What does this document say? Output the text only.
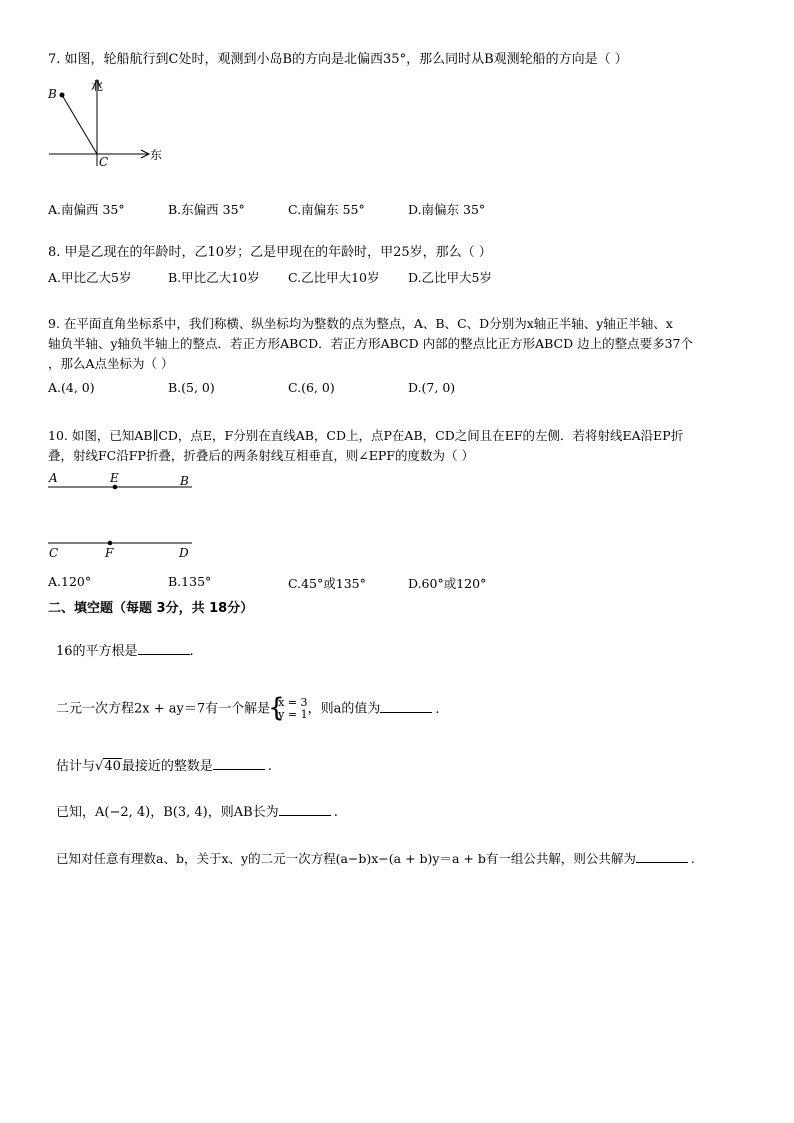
7. 如图，轮船航行到C处时，观测到小岛B的方向是北偏西35°，那么同时从B观测轮船的方向是（ ）
北
B
C	东
A.南偏西 35°	B.东偏西 35°	C.南偏东 55°	D.南偏东 35°
8. 甲是乙现在的年龄时，乙10岁；乙是甲现在的年龄时，甲25岁，那么（ ）
A.甲比乙大5岁	B.甲比乙大10岁 C.乙比甲大10岁 D.乙比甲大5岁
9. 在平面直角坐标系中，我们称横、纵坐标均为整数的点为整点，A、B、C、D分别为x轴正半轴、y轴正半轴、x
轴负半轴、y轴负半轴上的整点．若正方形ABCD．若正方形ABCD 内部的整点比正方形ABCD 边上的整点要多37个
，那么A点坐标为（ ）
A.(4, 0)	B.(5, 0)	C.(6, 0)	D.(7, 0)
10. 如图，已知AB∥CD，点E，F分别在直线AB，CD上，点P在AB，CD之间且在EF的左侧．若将射线EA沿EP折
叠，射线FC沿FP折叠，折叠后的两条射线互相垂直，则∠EPF的度数为（ ）
A	E	B
C	F	D
A.120°	B.135°	C.45°或135°	D.60°或120°
二、填空题（每题 3分，共 18分）
16的平方根是	.
二元一次方程2x + ay＝7有一个解是
{ x = 3
y = 1 ，则a的值为	.
估计与√40最接近的整数是	.
已知，A(−2, 4)，B(3, 4)，则AB长为	.
已知对任意有理数a、b，关于x、y的二元一次方程(a−b)x−(a + b)y＝a + b有一组公共解，则公共解为	.
